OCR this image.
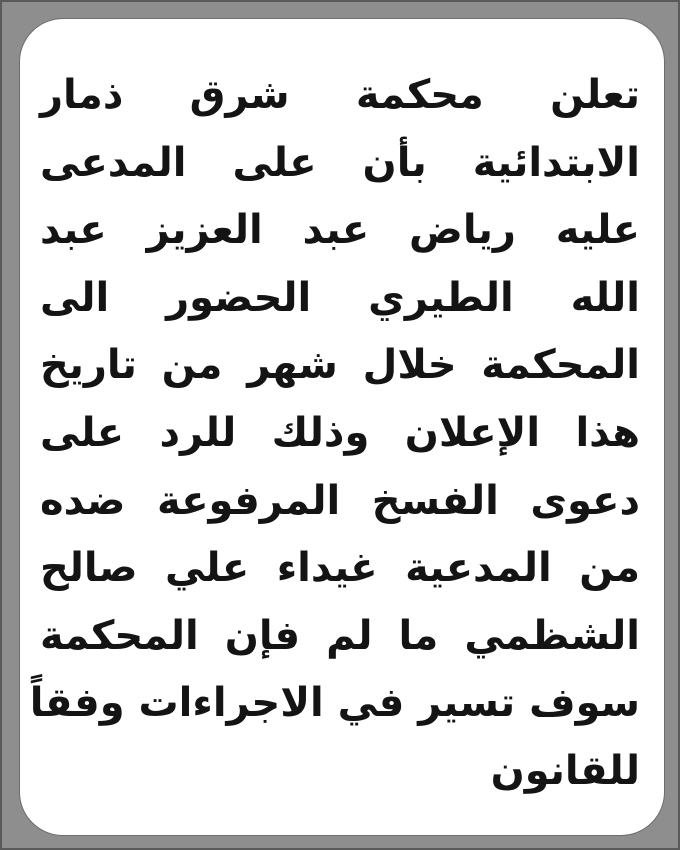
تعلن محكمة شرق ذمار
الابتدائية بأن على المدعى
عليه رياض عبد العزيز عبد
الله الطيري الحضور الى
المحكمة خلال شهر من تاريخ
هذا الإعلان وذلك للرد على
دعوى الفسخ المرفوعة ضده
من المدعية غيداء علي صالح
الشظمي ما لم فإن المحكمة
سوف تسير في الاجراءات وفقاً
للقانون
